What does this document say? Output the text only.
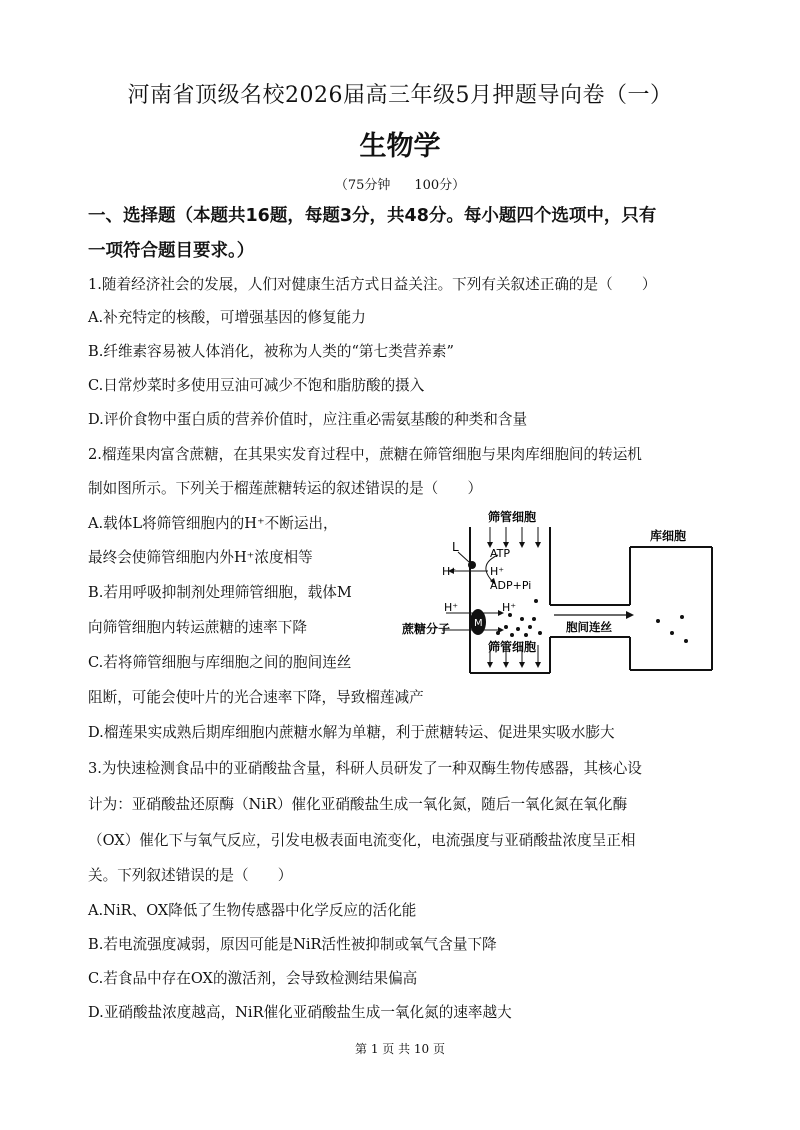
河南省顶级名校2026届高三年级5月押题导向卷（一）
生物学
（75分钟 100分）
一、选择题（本题共16题，每题3分，共48分。每小题四个选项中，只有
一项符合题目要求。）
1.随着经济社会的发展，人们对健康生活方式日益关注。下列有关叙述正确的是（　　）
A.补充特定的核酸，可增强基因的修复能力
B.纤维素容易被人体消化，被称为人类的“第七类营养素”
C.日常炒菜时多使用豆油可减少不饱和脂肪酸的摄入
D.评价食物中蛋白质的营养价值时，应注重必需氨基酸的种类和含量
2.榴莲果肉富含蔗糖，在其果实发育过程中，蔗糖在筛管细胞与果肉库细胞间的转运机
制如图所示。下列关于榴莲蔗糖转运的叙述错误的是（　　）
A.载体L将筛管细胞内的H⁺不断运出，
最终会使筛管细胞内外H⁺浓度相等
B.若用呼吸抑制剂处理筛管细胞，载体M
向筛管细胞内转运蔗糖的速率下降
C.若将筛管细胞与库细胞之间的胞间连丝
阻断，可能会使叶片的光合速率下降，导致榴莲减产
D.榴莲果实成熟后期库细胞内蔗糖水解为单糖，利于蔗糖转运、促进果实吸水膨大
筛管细胞
筛管细胞
库细胞
胞间连丝
蔗糖分子
L
M
ATP
ADP+Pi
H⁺	H⁺
H⁺	H⁺
3.为快速检测食品中的亚硝酸盐含量，科研人员研发了一种双酶生物传感器，其核心设
计为：亚硝酸盐还原酶（NiR）催化亚硝酸盐生成一氧化氮，随后一氧化氮在氧化酶
（OX）催化下与氧气反应，引发电极表面电流变化，电流强度与亚硝酸盐浓度呈正相
关。下列叙述错误的是（　　）
A.NiR、OX降低了生物传感器中化学反应的活化能
B.若电流强度减弱，原因可能是NiR活性被抑制或氧气含量下降
C.若食品中存在OX的激活剂，会导致检测结果偏高
D.亚硝酸盐浓度越高，NiR催化亚硝酸盐生成一氧化氮的速率越大
第 1 页 共 10 页
